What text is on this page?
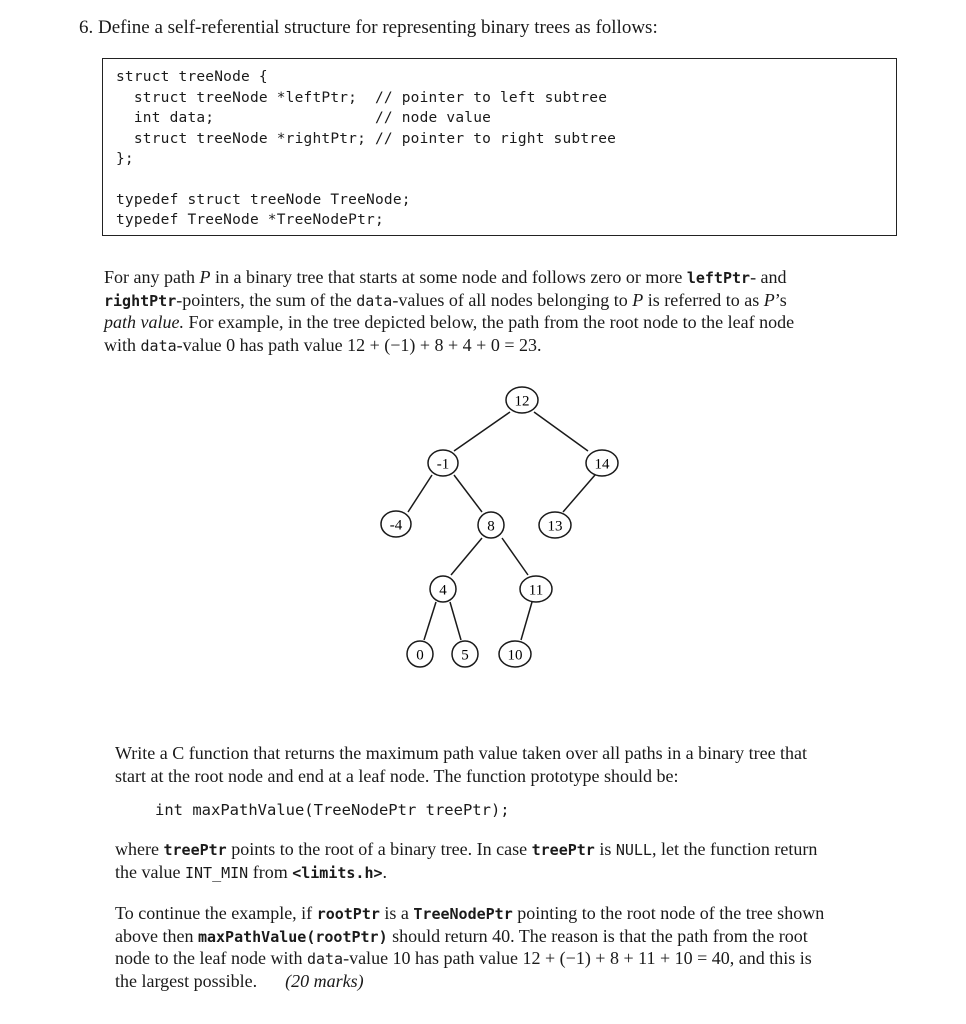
6. Define a self-referential structure for representing binary trees as follows:
struct treeNode {
struct treeNode *leftPtr;  // pointer to left subtree
int data;                  // node value
struct treeNode *rightPtr; // pointer to right subtree
};
typedef struct treeNode TreeNode;
typedef TreeNode *TreeNodePtr;
For any path P in a binary tree that starts at some node and follows zero or more leftPtr- and
rightPtr-pointers, the sum of the data-values of all nodes belonging to P is referred to as P’s
path value. For example, in the tree depicted below, the path from the root node to the leaf node
with data-value 0 has path value 12 + (−1) + 8 + 4 + 0 = 23.
12
-1	14
-4	8	13
4	11
0	5	10
Write a C function that returns the maximum path value taken over all paths in a binary tree that
start at the root node and end at a leaf node. The function prototype should be:
int maxPathValue(TreeNodePtr treePtr);
where treePtr points to the root of a binary tree. In case treePtr is NULL, let the function return
the value INT_MIN from <limits.h>.
To continue the example, if rootPtr is a TreeNodePtr pointing to the root node of the tree shown
above then maxPathValue(rootPtr) should return 40. The reason is that the path from the root
node to the leaf node with data-value 10 has path value 12 + (−1) + 8 + 11 + 10 = 40, and this is
the largest possible. (20 marks)
